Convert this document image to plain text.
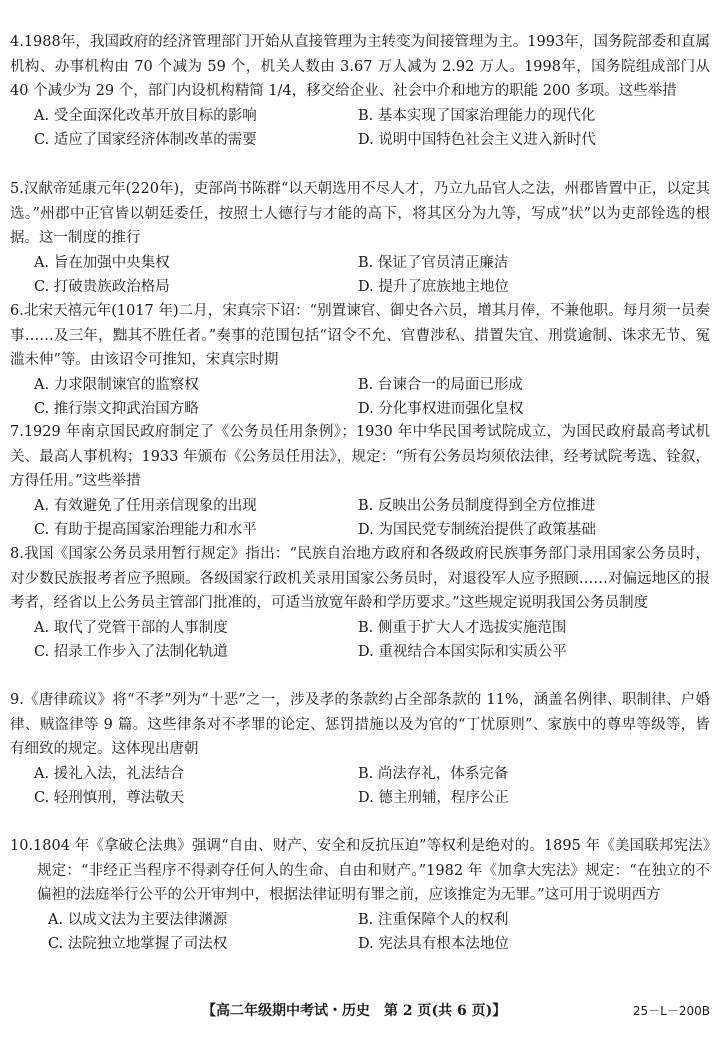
4.1988年，我国政府的经济管理部门开始从直接管理为主转变为间接管理为主。1993年，国务院部委和直属机构、办事机构由 70 个减为 59 个，机关人数由 3.67 万人减为 2.92 万人。1998年，国务院组成部门从 40 个减少为 29 个，部门内设机构精简 1/4，移交给企业、社会中介和地方的职能 200 多项。这些举措

A. 受全面深化改革开放目标的影响	B. 基本实现了国家治理能力的现代化
C. 适应了国家经济体制改革的需要	D. 说明中国特色社会主义进入新时代

5.汉献帝延康元年(220年)，吏部尚书陈群“以天朝选用不尽人才，乃立九品官人之法，州郡皆置中正，以定其选。”州郡中正官皆以朝廷委任，按照士人德行与才能的高下，将其区分为九等，写成“状”以为吏部铨选的根据。这一制度的推行

A. 旨在加强中央集权	B. 保证了官员清正廉洁
C. 打破贵族政治格局	D. 提升了庶族地主地位

6.北宋天禧元年(1017 年)二月，宋真宗下诏：“别置谏官、御史各六员，增其月俸，不兼他职。每月须一员奏事……及三年，黜其不胜任者。”奏事的范围包括“诏令不允、官曹涉私、措置失宜、刑赏逾制、诛求无节、冤滥未伸”等。由该诏令可推知，宋真宗时期

A. 力求限制谏官的监察权	B. 台谏合一的局面已形成
C. 推行崇文抑武治国方略	D. 分化事权进而强化皇权

7.1929 年南京国民政府制定了《公务员任用条例》；1930 年中华民国考试院成立，为国民政府最高考试机关、最高人事机构；1933 年颁布《公务员任用法》，规定：“所有公务员均须依法律，经考试院考选、铨叙，方得任用。”这些举措

A. 有效避免了任用亲信现象的出现	B. 反映出公务员制度得到全方位推进
C. 有助于提高国家治理能力和水平	D. 为国民党专制统治提供了政策基础

8.我国《国家公务员录用暂行规定》指出：“民族自治地方政府和各级政府民族事务部门录用国家公务员时，对少数民族报考者应予照顾。各级国家行政机关录用国家公务员时，对退役军人应予照顾……对偏远地区的报考者，经省以上公务员主管部门批准的，可适当放宽年龄和学历要求。”这些规定说明我国公务员制度

A. 取代了党管干部的人事制度	B. 侧重于扩大人才选拔实施范围
C. 招录工作步入了法制化轨道	D. 重视结合本国实际和实质公平

9.《唐律疏议》将“不孝”列为“十恶”之一，涉及孝的条款约占全部条款的 11%，涵盖名例律、职制律、户婚律、贼盗律等 9 篇。这些律条对不孝罪的论定、惩罚措施以及为官的“丁忧原则”、家族中的尊卑等级等，皆有细致的规定。这体现出唐朝

A. 援礼入法，礼法结合	B. 尚法存礼，体系完备
C. 轻刑慎刑，尊法敬天	D. 德主刑辅，程序公正

10.1804 年《拿破仑法典》强调“自由、财产、安全和反抗压迫”等权利是绝对的。1895 年《美国联邦宪法》规定：“非经正当程序不得剥夺任何人的生命、自由和财产。”1982 年《加拿大宪法》规定：“在独立的不偏袒的法庭举行公平的公开审判中，根据法律证明有罪之前，应该推定为无罪。”这可用于说明西方

A. 以成文法为主要法律渊源	B. 注重保障个人的权利
C. 法院独立地掌握了司法权	D. 宪法具有根本法地位
【高二年级期中考试・历史　第 2 页(共 6 页)】	25－L－200B
